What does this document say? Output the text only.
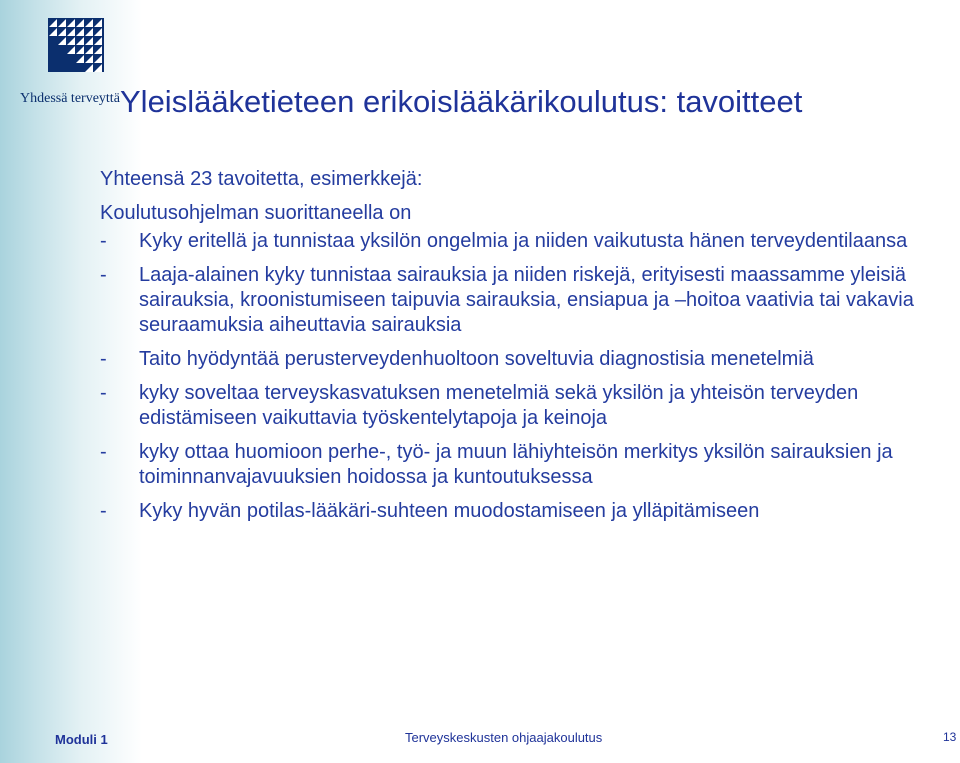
Yhdessä terveyttä Yleislääketieteen erikoislääkärikoulutus: tavoitteet

Yhteensä 23 tavoitetta, esimerkkejä:

Koulutusohjelman suorittaneella on

- Kyky eritellä ja tunnistaa yksilön ongelmia ja niiden vaikutusta hänen terveydentilaansa
- Laaja-alainen kyky tunnistaa sairauksia ja niiden riskejä, erityisesti maassamme yleisiä sairauksia, kroonistumiseen taipuvia sairauksia, ensiapua ja –hoitoa vaativia tai vakavia seuraamuksia aiheuttavia sairauksia
- Taito hyödyntää perusterveydenhuoltoon soveltuvia diagnostisia menetelmiä
- kyky soveltaa terveyskasvatuksen menetelmiä sekä yksilön ja yhteisön terveyden edistämiseen vaikuttavia työskentelytapoja ja keinoja
- kyky ottaa huomioon perhe-, työ- ja muun lähiyhteisön merkitys yksilön sairauksien ja toiminnanvajavuuksien hoidossa ja kuntoutuksessa
- Kyky hyvän potilas-lääkäri-suhteen muodostamiseen ja ylläpitämiseen
Moduli 1	Terveyskeskusten ohjaajakoulutus	13
